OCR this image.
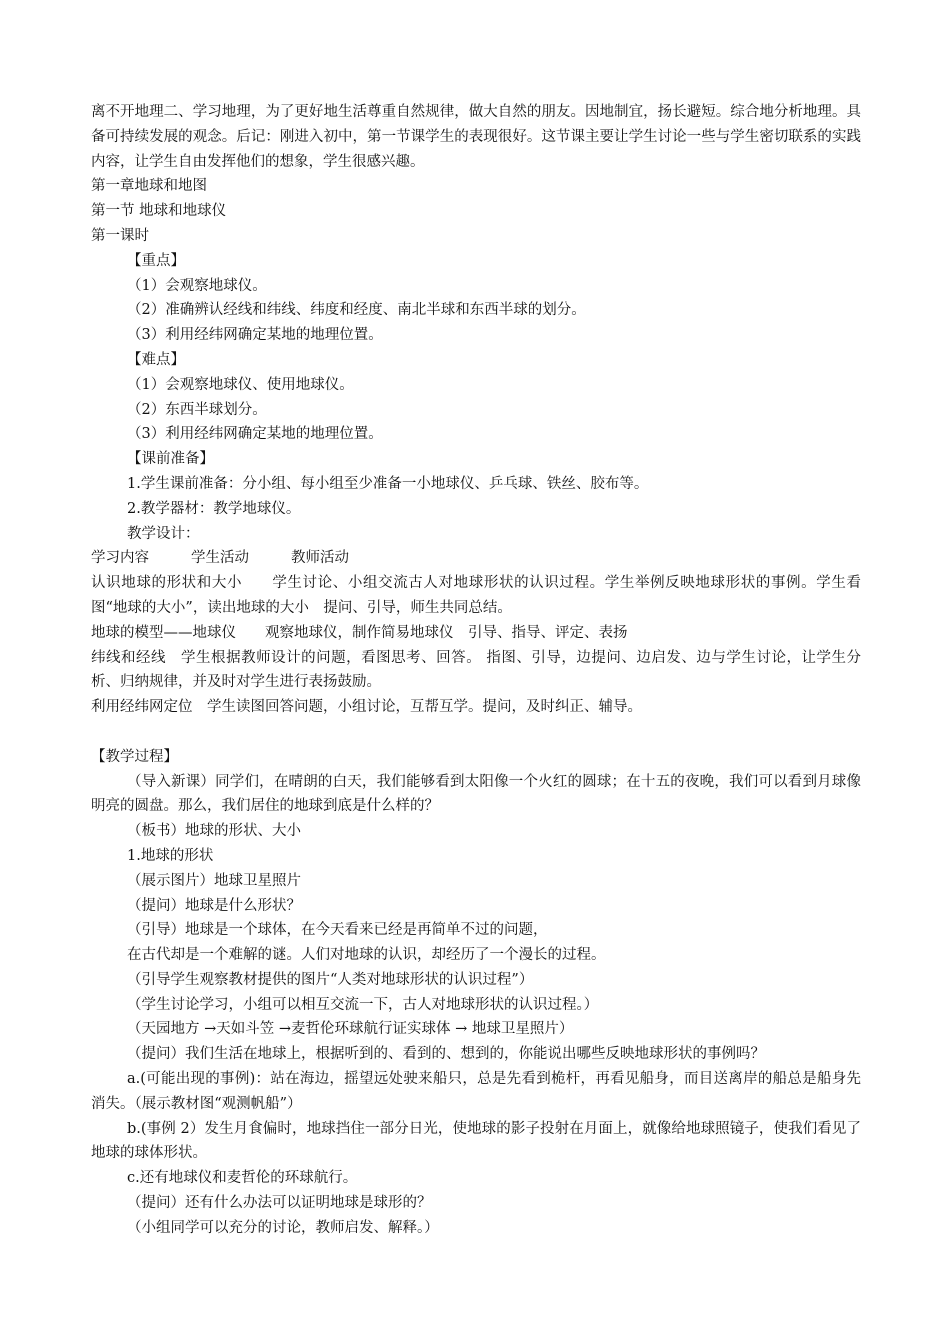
离不开地理二、学习地理，为了更好地生活尊重自然规律，做大自然的朋友。因地制宜，扬长避短。综合地分析地理。具备可持续发展的观念。后记：刚进入初中，第一节课学生的表现很好。这节课主要让学生讨论一些与学生密切联系的实践内容，让学生自由发挥他们的想象，学生很感兴趣。

第一章地球和地图

第一节 地球和地球仪

第一课时

【重点】

（1）会观察地球仪。

（2）准确辨认经线和纬线、纬度和经度、南北半球和东西半球的划分。

（3）利用经纬网确定某地的地理位置。

【难点】

（1）会观察地球仪、使用地球仪。

（2）东西半球划分。

（3）利用经纬网确定某地的地理位置。

【课前准备】

1.学生课前准备：分小组、每小组至少准备一小地球仪、乒乓球、铁丝、胶布等。

2.教学器材：教学地球仪。

教学设计：

学习内容	学生活动	教师活动

认识地球的形状和大小　　学生讨论、小组交流古人对地球形状的认识过程。学生举例反映地球形状的事例。学生看图“地球的大小”，读出地球的大小　提问、引导，师生共同总结。

地球的模型——地球仪　　观察地球仪，制作简易地球仪　引导、指导、评定、表扬

纬线和经线　学生根据教师设计的问题，看图思考、回答。 指图、引导，边提问、边启发、边与学生讨论，让学生分析、归纳规律，并及时对学生进行表扬鼓励。

利用经纬网定位　学生读图回答问题，小组讨论，互帮互学。提问，及时纠正、辅导。

【教学过程】

（导入新课）同学们，在晴朗的白天，我们能够看到太阳像一个火红的圆球；在十五的夜晚，我们可以看到月球像明亮的圆盘。那么，我们居住的地球到底是什么样的？

（板书）地球的形状、大小

1.地球的形状

（展示图片）地球卫星照片

（提问）地球是什么形状？

（引导）地球是一个球体，在今天看来已经是再简单不过的问题，

在古代却是一个难解的谜。人们对地球的认识，却经历了一个漫长的过程。

（引导学生观察教材提供的图片“人类对地球形状的认识过程”）

（学生讨论学习，小组可以相互交流一下，古人对地球形状的认识过程。）

（天园地方 →天如斗笠 →麦哲伦环球航行证实球体 → 地球卫星照片）

（提问）我们生活在地球上，根据听到的、看到的、想到的，你能说出哪些反映地球形状的事例吗？

a.(可能出现的事例)：站在海边，摇望远处驶来船只，总是先看到桅杆，再看见船身，而目送离岸的船总是船身先消失。（展示教材图“观测帆船”）

b.(事例 2）发生月食偏时，地球挡住一部分日光，使地球的影子投射在月面上，就像给地球照镜子，使我们看见了地球的球体形状。

c.还有地球仪和麦哲伦的环球航行。

（提问）还有什么办法可以证明地球是球形的？

（小组同学可以充分的讨论，教师启发、解释。）
